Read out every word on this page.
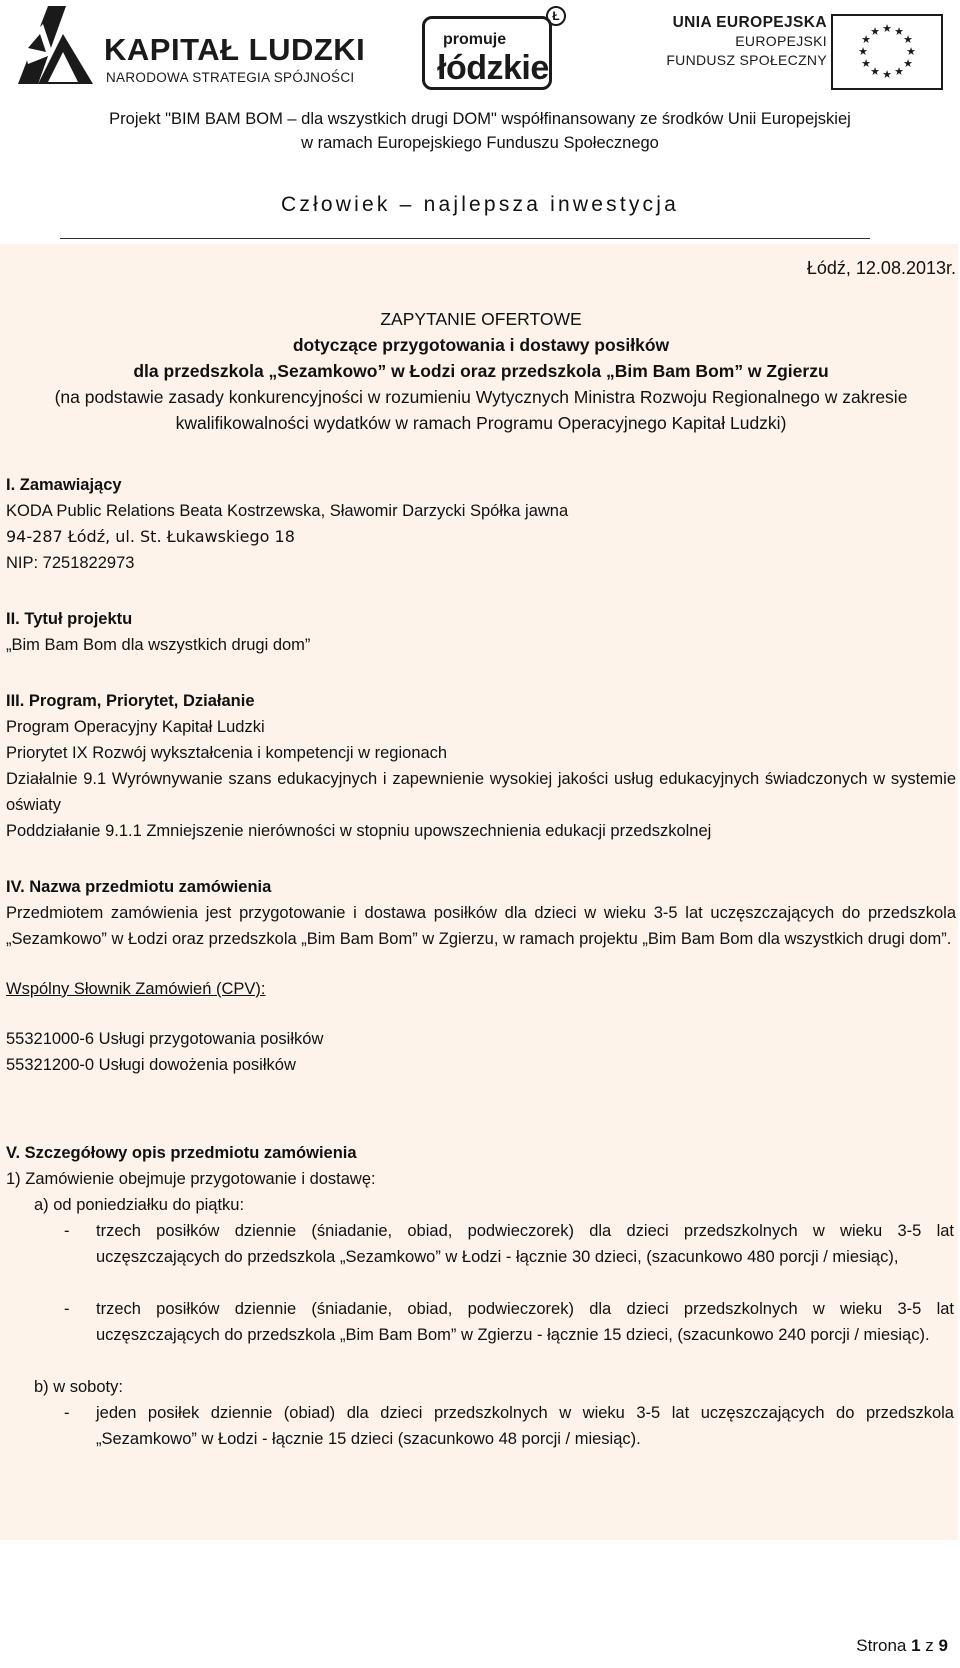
KAPITAŁ LUDZKI
NARODOWA STRATEGIA SPÓJNOŚCI
promuje
łódzkie
Ł	UNIA EUROPEJSKA
EUROPEJSKI
FUNDUSZ SPOŁECZNY
★ ★
★
★
★
★
★
★
★
★
★
★
Projekt "BIM BAM BOM – dla wszystkich drugi DOM" współfinansowany ze środków Unii Europejskiej
w ramach Europejskiego Funduszu Społecznego
Człowiek – najlepsza inwestycja
Łódź, 12.08.2013r.
ZAPYTANIE OFERTOWE
dotyczące przygotowania i dostawy posiłków
dla przedszkola „Sezamkowo” w Łodzi oraz przedszkola „Bim Bam Bom” w Zgierzu
(na podstawie zasady konkurencyjności w rozumieniu Wytycznych Ministra Rozwoju Regionalnego w zakresie
kwalifikowalności wydatków w ramach Programu Operacyjnego Kapitał Ludzki)
I. Zamawiający
KODA Public Relations Beata Kostrzewska, Sławomir Darzycki Spółka jawna
94-287 Łódź, ul. St. Łukawskiego 18
NIP: 7251822973
II. Tytuł projektu
„Bim Bam Bom dla wszystkich drugi dom”
III. Program, Priorytet, Działanie
Program Operacyjny Kapitał Ludzki
Priorytet IX Rozwój wykształcenia i kompetencji w regionach
Działalnie 9.1 Wyrównywanie szans edukacyjnych i zapewnienie wysokiej jakości usług edukacyjnych świadczonych w systemie oświaty
Poddziałanie 9.1.1 Zmniejszenie nierówności w stopniu upowszechnienia edukacji przedszkolnej
IV. Nazwa przedmiotu zamówienia
Przedmiotem zamówienia jest przygotowanie i dostawa posiłków dla dzieci w wieku 3-5 lat uczęszczających do przedszkola „Sezamkowo” w Łodzi oraz przedszkola „Bim Bam Bom” w Zgierzu, w ramach projektu „Bim Bam Bom dla wszystkich drugi dom”.
Wspólny Słownik Zamówień (CPV):
55321000-6 Usługi przygotowania posiłków
55321200-0 Usługi dowożenia posiłków
V. Szczegółowy opis przedmiotu zamówienia
1) Zamówienie obejmuje przygotowanie i dostawę:
a) od poniedziałku do piątku:
- trzech posiłków dziennie (śniadanie, obiad, podwieczorek) dla dzieci przedszkolnych w wieku 3-5 lat uczęszczających do przedszkola „Sezamkowo” w Łodzi - łącznie 30 dzieci, (szacunkowo 480 porcji / miesiąc),
- trzech posiłków dziennie (śniadanie, obiad, podwieczorek) dla dzieci przedszkolnych w wieku 3-5 lat uczęszczających do przedszkola „Bim Bam Bom” w Zgierzu - łącznie 15 dzieci, (szacunkowo 240 porcji / miesiąc).
b) w soboty:
- jeden posiłek dziennie (obiad) dla dzieci przedszkolnych w wieku 3-5 lat uczęszczających do przedszkola „Sezamkowo” w Łodzi - łącznie 15 dzieci (szacunkowo 48 porcji / miesiąc).
Strona 1 z 9
